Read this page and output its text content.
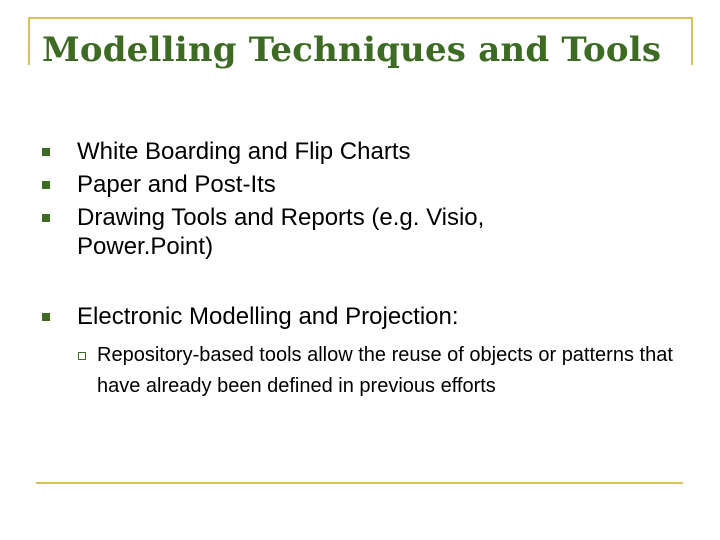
Modelling Techniques and Tools
White Boarding and Flip Charts
Paper and Post-Its
Drawing Tools and Reports (e.g. Visio, Power.Point)
Electronic Modelling and Projection:
Repository-based tools allow the reuse of objects or patterns that have already been defined in previous efforts
